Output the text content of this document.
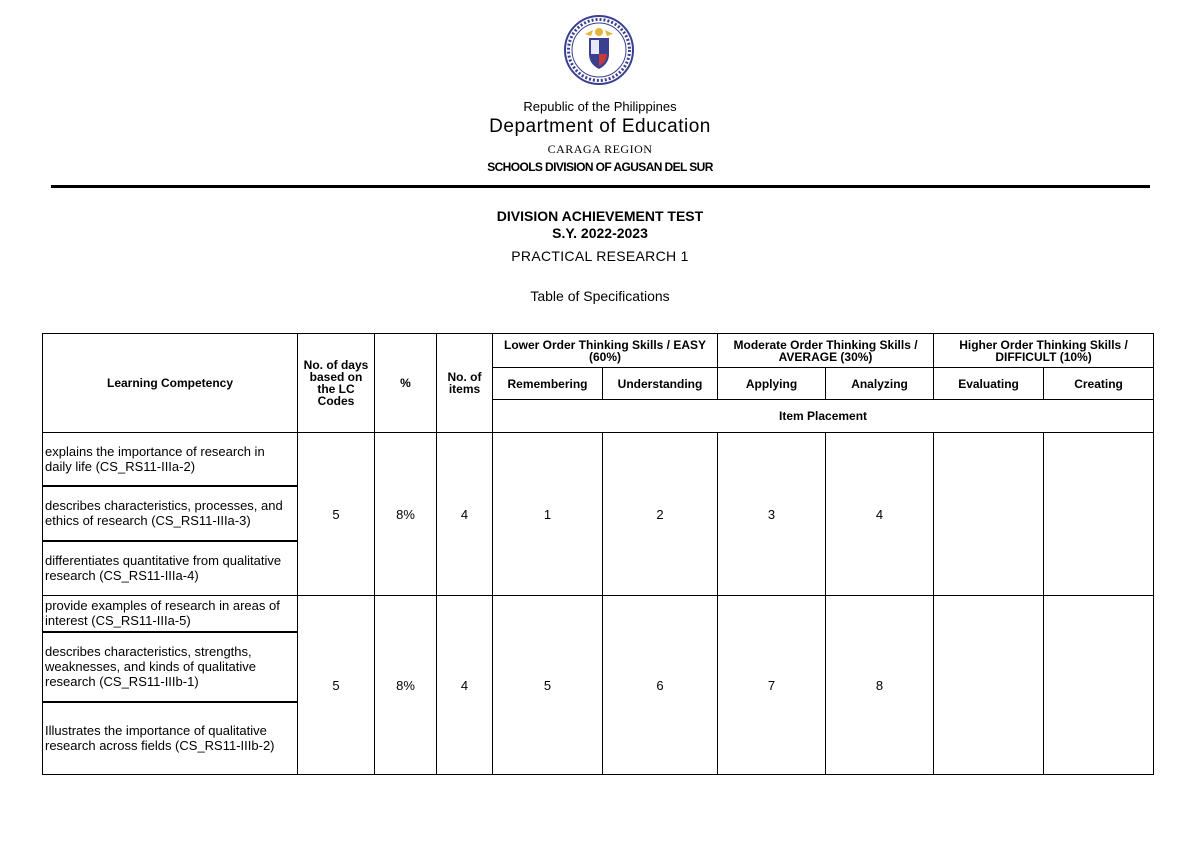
Republic of the Philippines
Department of Education
CARAGA REGION
SCHOOLS DIVISION OF AGUSAN DEL SUR
DIVISION ACHIEVEMENT TEST
S.Y. 2022-2023
PRACTICAL RESEARCH 1
Table of Specifications
Learning Competency	No. of days based on the LC Codes	%	No. of items	Lower Order Thinking Skills / EASY (60%)		Moderate Order Thinking Skills / AVERAGE (30%)		Higher Order Thinking Skills / DIFFICULT (10%)	
				Remembering	Understanding	Applying	Analyzing	Evaluating	Creating
				Item Placement					
explains the importance of research in daily life (CS_RS11-IIIa-2)	5	8%	4	1	2	3	4		
describes characteristics, processes, and ethics of research (CS_RS11-IIIa-3)									
differentiates quantitative from qualitative research (CS_RS11-IIIa-4)									
provide examples of research in areas of interest (CS_RS11-IIIa-5)	5	8%	4	5	6	7	8		
describes characteristics, strengths, weaknesses, and kinds of qualitative research (CS_RS11-IIIb-1)									
Illustrates the importance of qualitative research across fields (CS_RS11-IIIb-2)									
